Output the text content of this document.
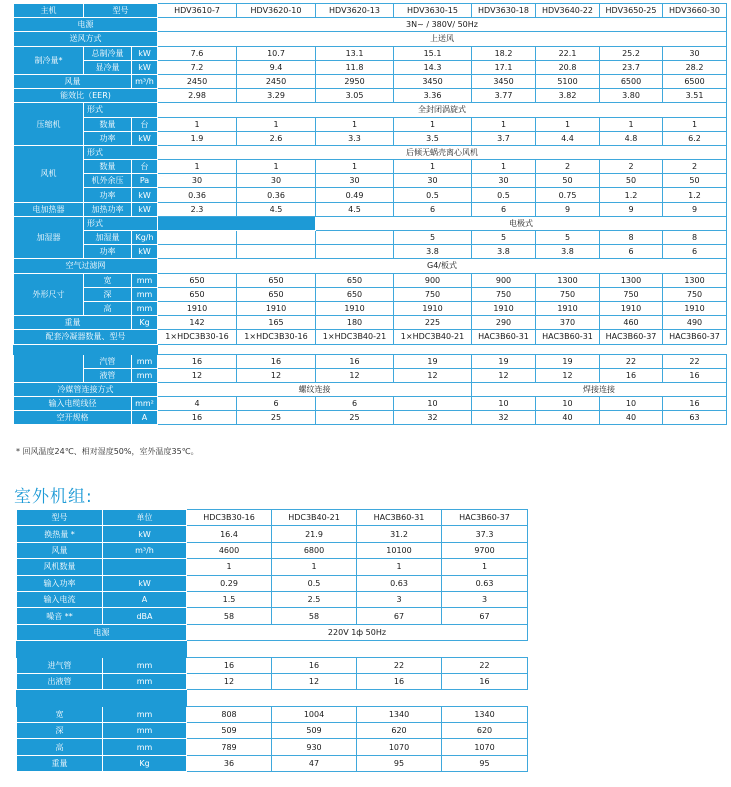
主机	型号		HDV3610-7	HDV3620-10	HDV3620-13	HDV3630-15	HDV3630-18	HDV3640-22	HDV3650-25	HDV3660-30
电源			3N~ / 380V/ 50Hz							
送风方式			上送风							
制冷量*	总制冷量	kW	7.6	10.7	13.1	15.1	18.2	22.1	25.2	30
	显冷量	kW	7.2	9.4	11.8	14.3	17.1	20.8	23.7	28.2
风量		m³/h	2450	2450	2950	3450	3450	5100	6500	6500
能效比（EER)			2.98	3.29	3.05	3.36	3.77	3.82	3.80	3.51
压缩机	形式		全封闭涡旋式							
	数量	台	1	1	1	1	1	1	1	1
	功率	kW	1.9	2.6	3.3	3.5	3.7	4.4	4.8	6.2
风机	形式		后倾无蜗壳离心风机							
	数量	台	1	1	1	1	1	2	2	2
	机外余压	Pa	30	30	30	30	30	50	50	50
	功率	kW	0.36	0.36	0.49	0.5	0.5	0.75	1.2	1.2
电加热器	加热功率	kW	2.3	4.5	4.5	6	6	9	9	9
加湿器	形式				电极式					
	加湿量	Kg/h				5	5	5	8	8
	功率	kW				3.8	3.8	3.8	6	6
空气过滤网			G4/板式							
外形尺寸	宽	mm	650	650	650	900	900	1300	1300	1300
	深	mm	650	650	650	750	750	750	750	750
	高	mm	1910	1910	1910	1910	1910	1910	1910	1910
重量		Kg	142	165	180	225	290	370	460	490
配套冷凝器数量、型号			1×HDC3B30-16	1×HDC3B30-16	1×HDC3B40-21	1×HDC3B40-21	HAC3B60-31	HAC3B60-31	HAC3B60-37	HAC3B60-37

	汽管	mm	16	16	16	19	19	19	22	22
	液管	mm	12	12	12	12	12	12	16	16
冷媒管连接方式			螺纹连接				焊接连接			
输入电缆线径		mm²	4	6	6	10	10	10	10	16
空开规格		A	16	25	25	32	32	40	40	63
* 回风温度24℃、相对湿度50%，室外温度35℃。
室外机组:
型号	单位	HDC3B30-16	HDC3B40-21	HAC3B60-31	HAC3B60-37
换热量 *	kW	16.4	21.9	31.2	37.3
风量	m³/h	4600	6800	10100	9700
风机数量		1	1	1	1
输入功率	kW	0.29	0.5	0.63	0.63
输入电流	A	1.5	2.5	3	3
噪音 **	dBA	58	58	67	67
电源		220V 1ф 50Hz			

进气管	mm	16	16	22	22
出液管	mm	12	12	16	16

宽	mm	808	1004	1340	1340
深	mm	509	509	620	620
高	mm	789	930	1070	1070
重量	Kg	36	47	95	95
